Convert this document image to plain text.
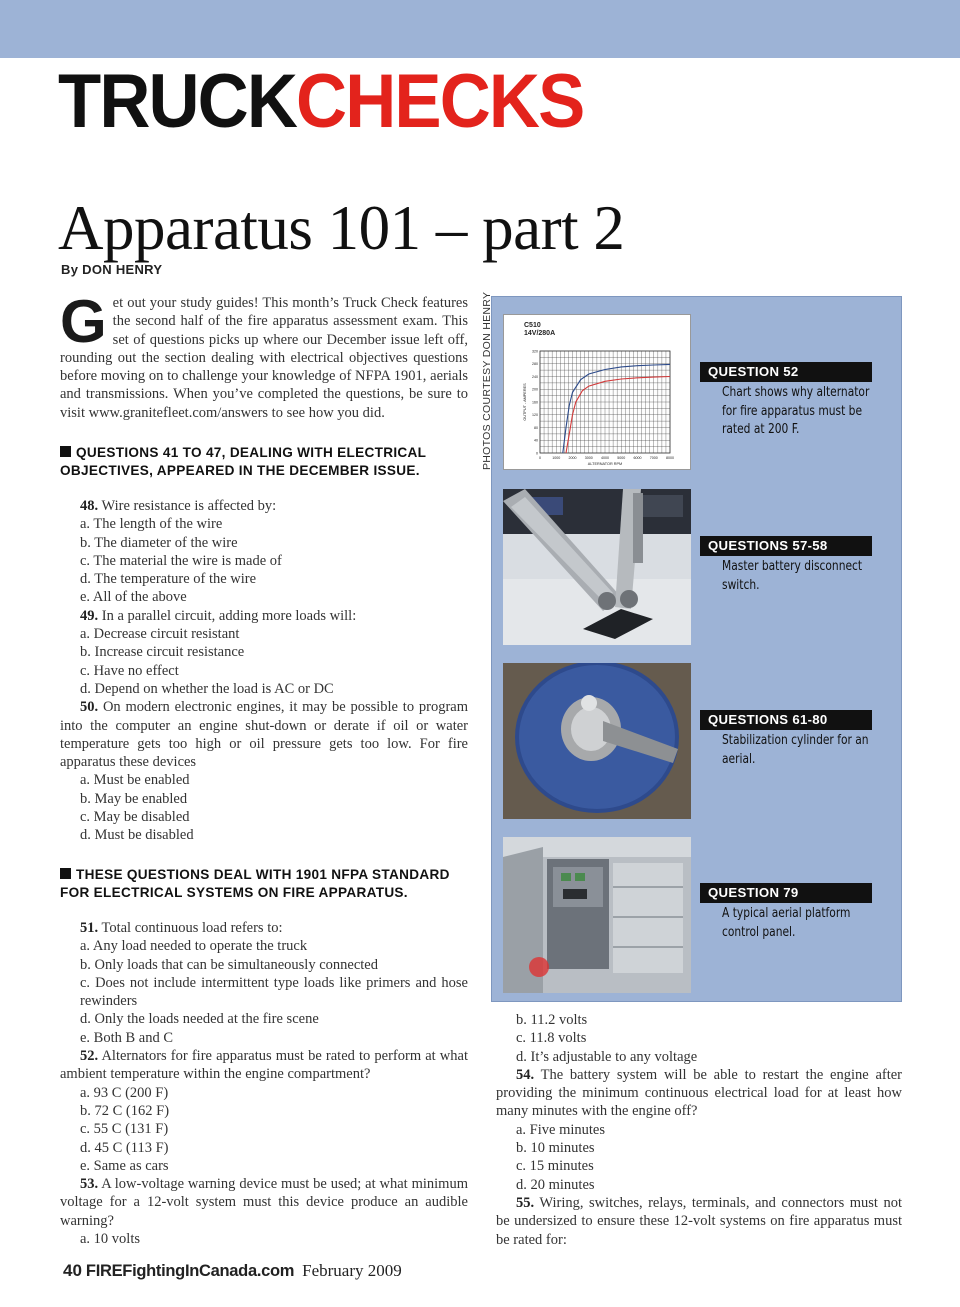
TRUCKCHECKS
Apparatus 101 – part 2
By DON HENRY
Get out your study guides! This month’s Truck Check features the second half of the fire apparatus assessment exam. This set of questions picks up where our December issue left off, rounding out the section dealing with electrical objectives questions before moving on to challenge your knowledge of NFPA 1901, aerials and transmissions. When you’ve completed the questions, be sure to visit www.granitefleet.com/answers to see how you did.
QUESTIONS 41 TO 47, DEALING WITH ELECTRICAL OBJECTIVES, APPEARED IN THE DECEMBER ISSUE.

48. Wire resistance is affected by:

a. The length of the wire

b. The diameter of the wire

c. The material the wire is made of

d. The temperature of the wire

e. All of the above

49. In a parallel circuit, adding more loads will:

a. Decrease circuit resistant

b. Increase circuit resistance

c. Have no effect

d. Depend on whether the load is AC or DC

50. On modern electronic engines, it may be possible to program into the computer an engine shut-down or derate if oil or water temperature gets too high or oil pressure gets too low. For fire apparatus these devices

a. Must be enabled

b. May be enabled

c. May be disabled

d. Must be disabled

THESE QUESTIONS DEAL WITH 1901 NFPA STANDARD FOR ELECTRICAL SYSTEMS ON FIRE APPARATUS.

51. Total continuous load refers to:

a. Any load needed to operate the truck

b. Only loads that can be simultaneously connected

c. Does not include intermittent type loads like primers and hose rewinders

d. Only the loads needed at the fire scene

e. Both B and C

52. Alternators for fire apparatus must be rated to perform at what ambient temperature within the engine compartment?

a. 93 C (200 F)

b. 72 C (162 F)

c. 55 C (131 F)

d. 45 C (113 F)

e. Same as cars

53. A low-voltage warning device must be used; at what minimum voltage for a 12-volt system must this device produce an audible warning?

a. 10 volts

b. 11.2 volts

c. 11.8 volts

d. It’s adjustable to any voltage

54. The battery system will be able to restart the engine after providing the minimum continuous electrical load for at least how many minutes with the engine off?

a. Five minutes

b. 10 minutes

c. 15 minutes

d. 20 minutes

55. Wiring, switches, relays, terminals, and connectors must not be undersized to ensure these 12-volt systems on fire apparatus must be rated for:

PHOTOS COURTESY DON HENRY	C510
14V/280A
0	1000 2000 3000 4000 5000 6000 7000 8000
0
40
80
120
160
200
240
280
320
ALTERNATOR RPM
OUTPUT - AMPERES
QUESTION 52
Chart shows why alternator for fire apparatus must be rated at 200 F.
QUESTIONS 57-58
Master battery disconnect switch.
QUESTIONS 61-80
Stabilization cylinder for an aerial.
QUESTION 79
A typical aerial platform control panel.
40 FIREFightingInCanada.com February 2009
